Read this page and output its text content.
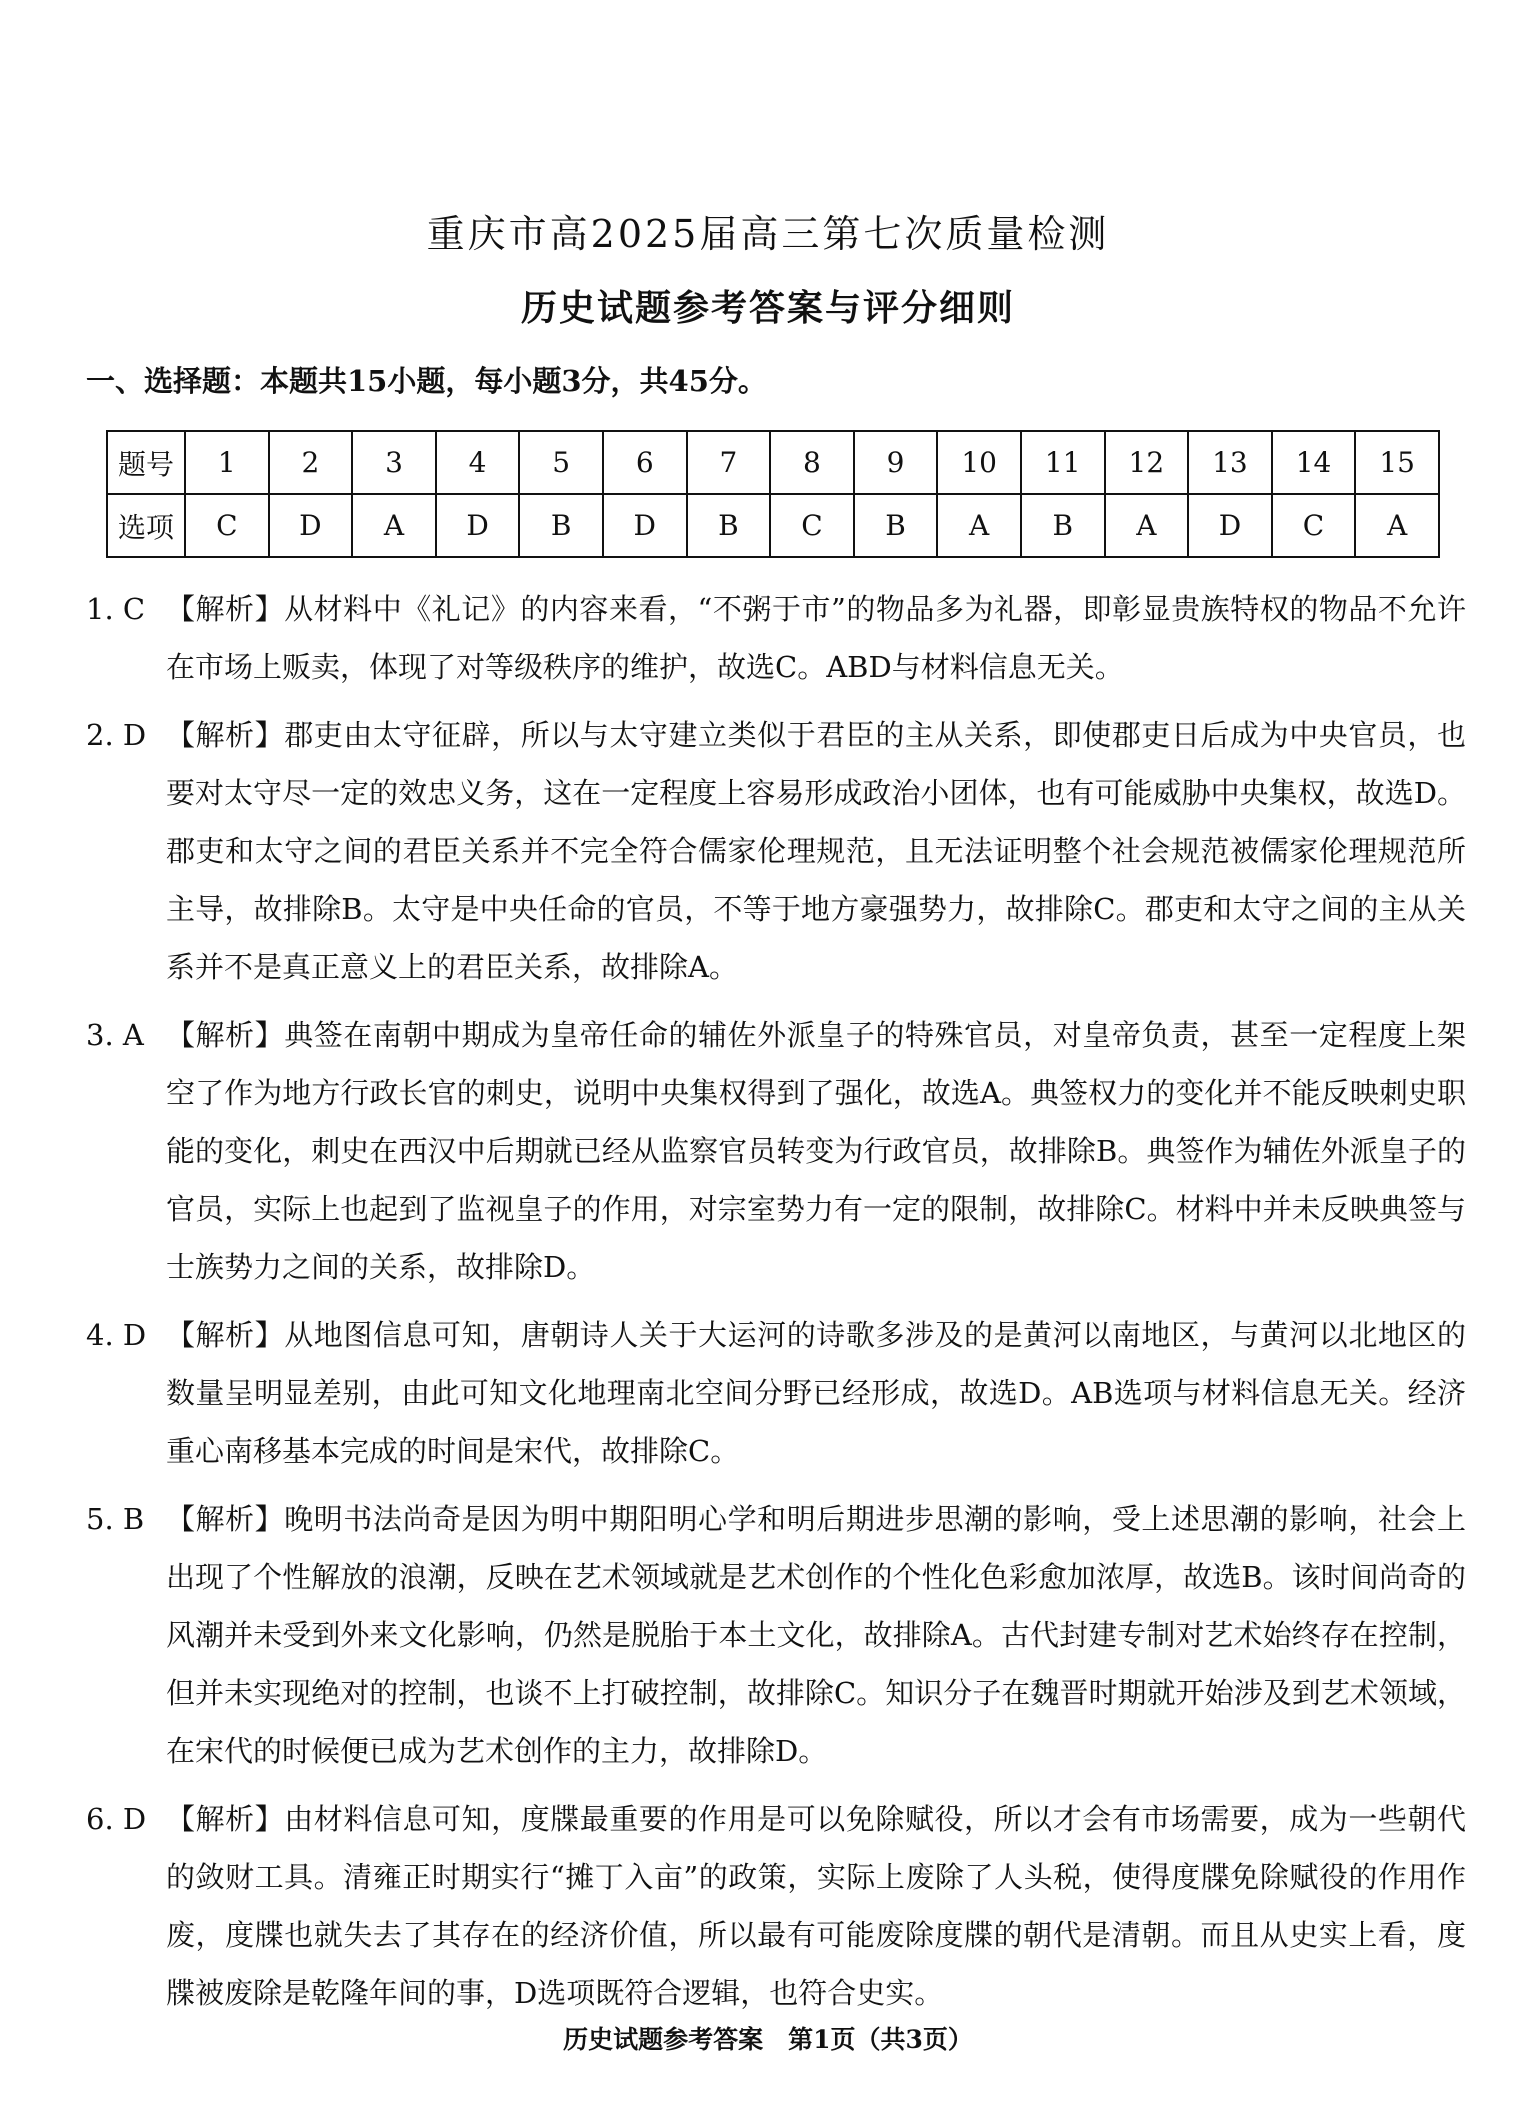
重庆市高2025届高三第七次质量检测
历史试题参考答案与评分细则
一、选择题：本题共15小题，每小题3分，共45分。
题号	1	2	3	4	5	6	7	8	9	10	11	12	13	14	15
选项	C	D	A	D	B	D	B	C	B	A	B	A	D	C	A
1. C 【解析】从材料中《礼记》的内容来看，“不粥于市”的物品多为礼器，即彰显贵族特权的物品不允许在市场上贩卖，体现了对等级秩序的维护，故选C。ABD与材料信息无关。
2. D 【解析】郡吏由太守征辟，所以与太守建立类似于君臣的主从关系，即使郡吏日后成为中央官员，也要对太守尽一定的效忠义务，这在一定程度上容易形成政治小团体，也有可能威胁中央集权，故选D。郡吏和太守之间的君臣关系并不完全符合儒家伦理规范，且无法证明整个社会规范被儒家伦理规范所主导，故排除B。太守是中央任命的官员，不等于地方豪强势力，故排除C。郡吏和太守之间的主从关系并不是真正意义上的君臣关系，故排除A。
3. A 【解析】典签在南朝中期成为皇帝任命的辅佐外派皇子的特殊官员，对皇帝负责，甚至一定程度上架空了作为地方行政长官的刺史，说明中央集权得到了强化，故选A。典签权力的变化并不能反映刺史职能的变化，刺史在西汉中后期就已经从监察官员转变为行政官员，故排除B。典签作为辅佐外派皇子的官员，实际上也起到了监视皇子的作用，对宗室势力有一定的限制，故排除C。材料中并未反映典签与士族势力之间的关系，故排除D。
4. D 【解析】从地图信息可知，唐朝诗人关于大运河的诗歌多涉及的是黄河以南地区，与黄河以北地区的数量呈明显差别，由此可知文化地理南北空间分野已经形成，故选D。AB选项与材料信息无关。经济重心南移基本完成的时间是宋代，故排除C。
5. B 【解析】晚明书法尚奇是因为明中期阳明心学和明后期进步思潮的影响，受上述思潮的影响，社会上出现了个性解放的浪潮，反映在艺术领域就是艺术创作的个性化色彩愈加浓厚，故选B。该时间尚奇的风潮并未受到外来文化影响，仍然是脱胎于本土文化，故排除A。古代封建专制对艺术始终存在控制，但并未实现绝对的控制，也谈不上打破控制，故排除C。知识分子在魏晋时期就开始涉及到艺术领域，在宋代的时候便已成为艺术创作的主力，故排除D。
6. D 【解析】由材料信息可知，度牒最重要的作用是可以免除赋役，所以才会有市场需要，成为一些朝代的敛财工具。清雍正时期实行“摊丁入亩”的政策，实际上废除了人头税，使得度牒免除赋役的作用作废，度牒也就失去了其存在的经济价值，所以最有可能废除度牒的朝代是清朝。而且从史实上看，度牒被废除是乾隆年间的事，D选项既符合逻辑，也符合史实。
历史试题参考答案　第1页（共3页）
